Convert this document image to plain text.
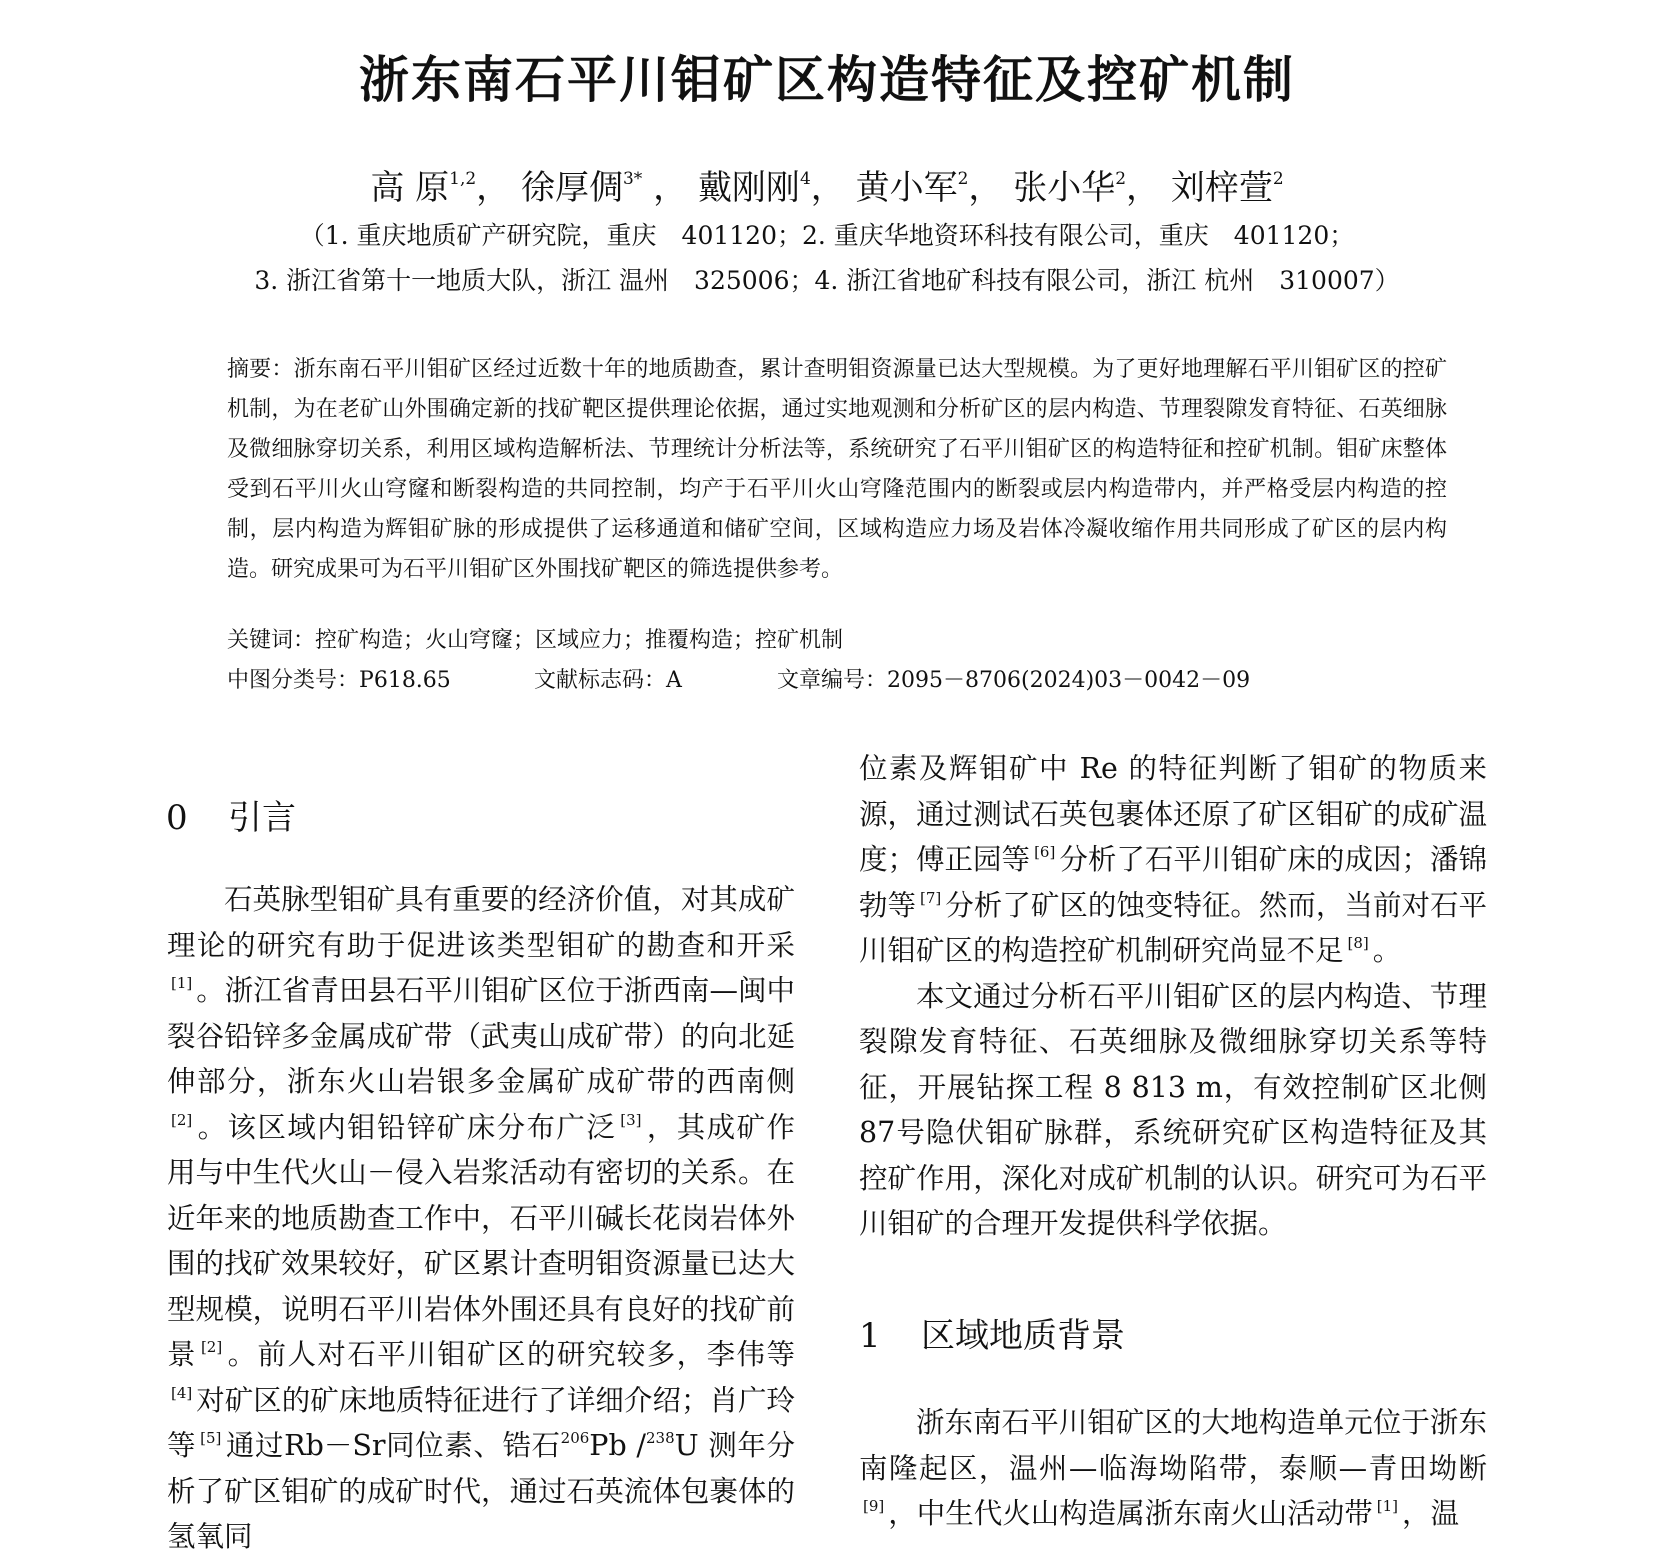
浙东南石平川钼矿区构造特征及控矿机制
高 原$^{1,2}$， 徐厚倜$^{3*}$ ， 戴刚刚$^4$， 黄小军$^2$， 张小华$^2$， 刘梓萱$^2$
（1. 重庆地质矿产研究院，重庆　401120；2. 重庆华地资环科技有限公司，重庆　401120；
3. 浙江省第十一地质大队，浙江 温州　325006；4. 浙江省地矿科技有限公司，浙江 杭州　310007）

摘要：浙东南石平川钼矿区经过近数十年的地质勘查，累计查明钼资源量已达大型规模。为了更好地理解石平川钼矿区的控矿机制，为在老矿山外围确定新的找矿靶区提供理论依据，通过实地观测和分析矿区的层内构造、节理裂隙发育特征、石英细脉及微细脉穿切关系，利用区域构造解析法、节理统计分析法等，系统研究了石平川钼矿区的构造特征和控矿机制。钼矿床整体受到石平川火山穹窿和断裂构造的共同控制，均产于石平川火山穹隆范围内的断裂或层内构造带内，并严格受层内构造的控制，层内构造为辉钼矿脉的形成提供了运移通道和储矿空间，区域构造应力场及岩体冷凝收缩作用共同形成了矿区的层内构造。研究成果可为石平川钼矿区外围找矿靶区的筛选提供参考。

关键词：控矿构造；火山穹窿；区域应力；推覆构造；控矿机制
中图分类号：P618.65	文献标志码：A	文章编号：2095－8706(2024)03－0042－09
0 引言

石英脉型钼矿具有重要的经济价值，对其成矿理论的研究有助于促进该类型钼矿的勘查和开采[1] 。浙江省青田县石平川钼矿区位于浙西南—闽中裂谷铅锌多金属成矿带（武夷山成矿带）的向北延伸部分，浙东火山岩银多金属矿成矿带的西南侧[2] 。该区域内钼铅锌矿床分布广泛 [3] ，其成矿作用与中生代火山－侵入岩浆活动有密切的关系。在近年来的地质勘查工作中，石平川碱长花岗岩体外围的找矿效果较好，矿区累计查明钼资源量已达大型规模，说明石平川岩体外围还具有良好的找矿前景 [2] 。前人对石平川钼矿区的研究较多，李伟等[4] 对矿区的矿床地质特征进行了详细介绍；肖广玲等 [5] 通过Rb－Sr同位素、锆石$^{206}$Pb /$^{238}$U 测年分析了矿区钼矿的成矿时代，通过石英流体包裹体的氢氧同

位素及辉钼矿中 Re 的特征判断了钼矿的物质来源，通过测试石英包裹体还原了矿区钼矿的成矿温度；傅正园等 [6] 分析了石平川钼矿床的成因；潘锦勃等 [7] 分析了矿区的蚀变特征。然而，当前对石平川钼矿区的构造控矿机制研究尚显不足 [8] 。

本文通过分析石平川钼矿区的层内构造、节理裂隙发育特征、石英细脉及微细脉穿切关系等特征，开展钻探工程 8 813 m，有效控制矿区北侧87号隐伏钼矿脉群，系统研究矿区构造特征及其控矿作用，深化对成矿机制的认识。研究可为石平川钼矿的合理开发提供科学依据。

1 区域地质背景

浙东南石平川钼矿区的大地构造单元位于浙东南隆起区，温州—临海坳陷带，泰顺—青田坳断[9] ，中生代火山构造属浙东南火山活动带 [1] ，温
